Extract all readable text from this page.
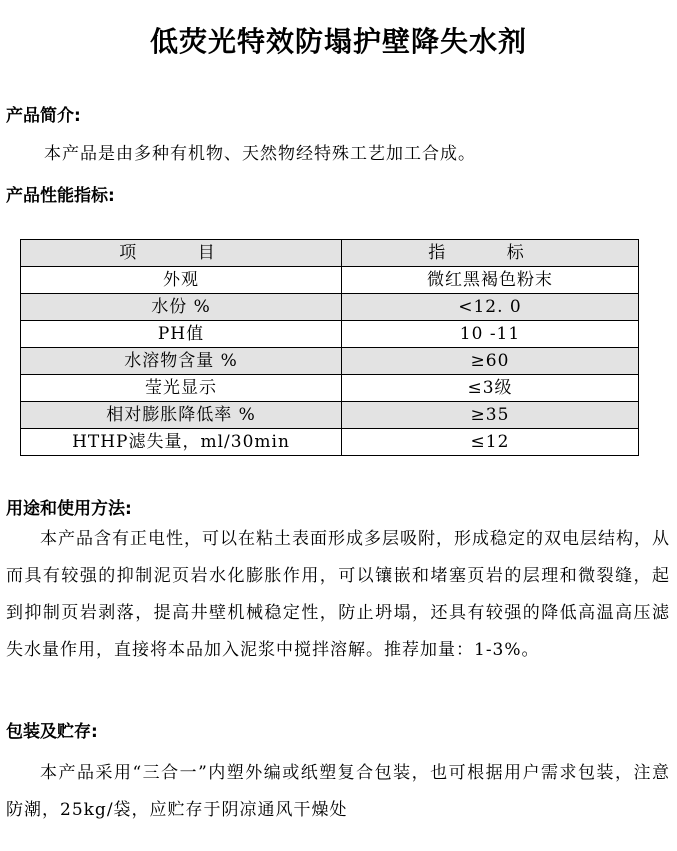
低荧光特效防塌护壁降失水剂
产品简介:
本产品是由多种有机物、天然物经特殊工艺加工合成。
产品性能指标:
项 目	指 标
外观	微红黑褐色粉末
水份 %	<12. 0
PH值	10 -11
水溶物含量 %	≥60
莹光显示	≤3级
相对膨胀降低率 %	≥35
HTHP滤失量，ml/30min	≤12
用途和使用方法:

本产品含有正电性，可以在粘土表面形成多层吸附，形成稳定的双电层结构，从而具有较强的抑制泥页岩水化膨胀作用，可以镶嵌和堵塞页岩的层理和微裂缝，起到抑制页岩剥落，提高井壁机械稳定性，防止坍塌，还具有较强的降低高温高压滤失水量作用，直接将本品加入泥浆中搅拌溶解。推荐加量：1-3%。

包装及贮存:

本产品采用“三合一”内塑外编或纸塑复合包装，也可根据用户需求包装，注意防潮，25kg/袋，应贮存于阴凉通风干燥处
